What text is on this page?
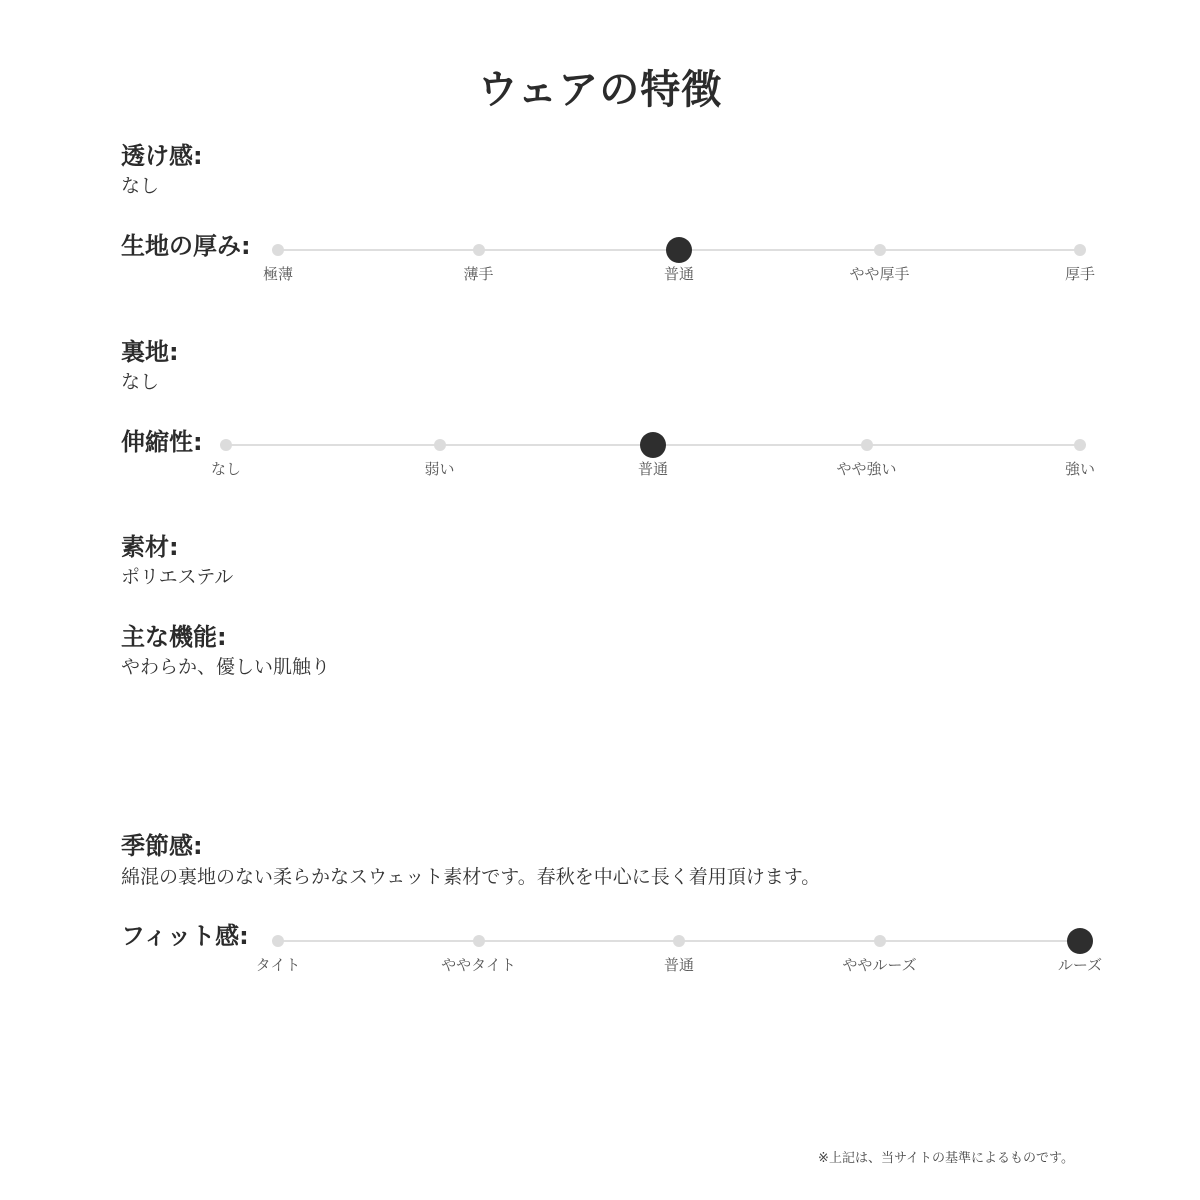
ウェアの特徴
透け感:
なし
生地の厚み:
極薄	薄手	普通	やや厚手	厚手
裏地:
なし
伸縮性:
なし	弱い	普通	やや強い	強い
素材:
ポリエステル
主な機能:
やわらか、優しい肌触り
季節感:
綿混の裏地のない柔らかなスウェット素材です。春秋を中心に長く着用頂けます。
フィット感:
タイト	ややタイト	普通	ややルーズ	ルーズ
※上記は、当サイトの基準によるものです。
